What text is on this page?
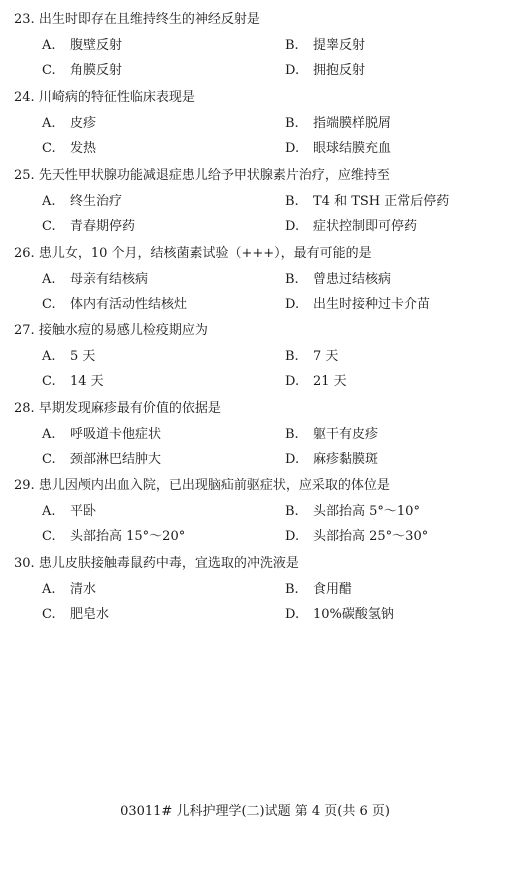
23. 出生时即存在且维持终生的神经反射是
A. 腹壁反射	B. 提睾反射
C. 角膜反射	D. 拥抱反射
24. 川崎病的特征性临床表现是
A. 皮疹	B. 指端膜样脱屑
C. 发热	D. 眼球结膜充血
25. 先天性甲状腺功能减退症患儿给予甲状腺素片治疗，应维持至
A. 终生治疗	B. T4 和 TSH 正常后停药
C. 青春期停药	D. 症状控制即可停药
26. 患儿女，10 个月，结核菌素试验（+++），最有可能的是
A. 母亲有结核病	B. 曾患过结核病
C. 体内有活动性结核灶	D. 出生时接种过卡介苗
27. 接触水痘的易感儿检疫期应为
A. 5 天	B. 7 天
C. 14 天	D. 21 天
28. 早期发现麻疹最有价值的依据是
A. 呼吸道卡他症状	B. 躯干有皮疹
C. 颈部淋巴结肿大	D. 麻疹黏膜斑
29. 患儿因颅内出血入院，已出现脑疝前驱症状，应采取的体位是
A. 平卧	B. 头部抬高 5°～10°
C. 头部抬高 15°～20°	D. 头部抬高 25°～30°
30. 患儿皮肤接触毒鼠药中毒，宜选取的冲洗液是
A. 清水	B. 食用醋
C. 肥皂水	D. 10%碳酸氢钠
03011# 儿科护理学(二)试题 第 4 页(共 6 页)
